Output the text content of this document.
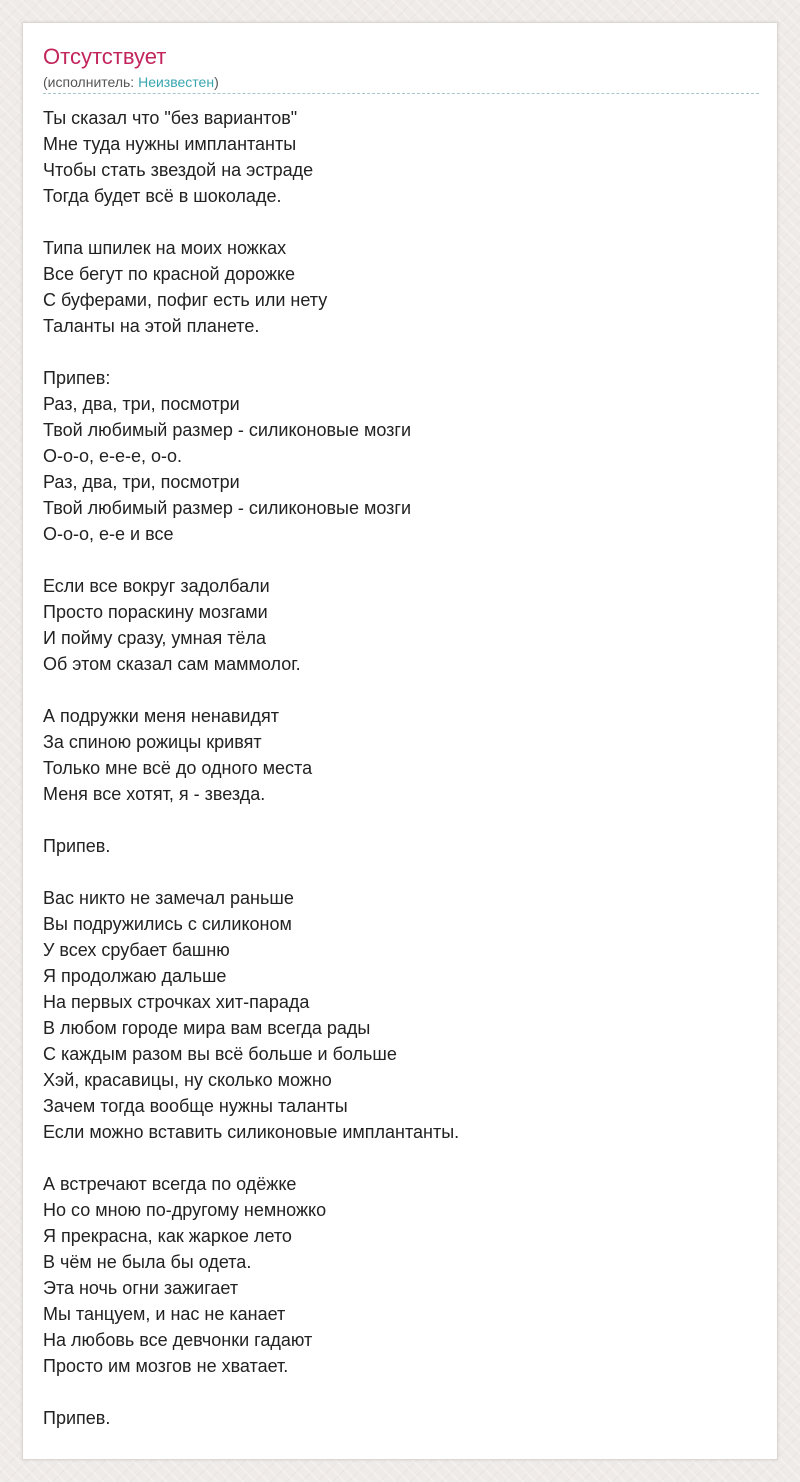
Отсутствует
(исполнитель: Неизвестен)
Ты сказал что "без вариантов"
Мне туда нужны имплантанты
Чтобы стать звездой на эстраде
Тогда будет всё в шоколаде.
Типа шпилек на моих ножках
Все бегут по красной дорожке
С буферами, пофиг есть или нету
Таланты на этой планете.
Припев:
Раз, два, три, посмотри
Твой любимый размер - силиконовые мозги
О-о-о, е-е-е, о-о.
Раз, два, три, посмотри
Твой любимый размер - силиконовые мозги
О-о-о, е-е и все
Если все вокруг задолбали
Просто пораскину мозгами
И пойму сразу, умная тёла
Об этом сказал сам маммолог.
А подружки меня ненавидят
За спиною рожицы кривят
Только мне всё до одного места
Меня все хотят, я - звезда.
Припев.
Вас никто не замечал раньше
Вы подружились с силиконом
У всех срубает башню
Я продолжаю дальше
На первых строчках хит-парада
В любом городе мира вам всегда рады
С каждым разом вы всё больше и больше
Хэй, красавицы, ну сколько можно
Зачем тогда вообще нужны таланты
Если можно вставить силиконовые имплантанты.
А встречают всегда по одёжке
Но со мною по-другому немножко
Я прекрасна, как жаркое лето
В чём не была бы одета.
Эта ночь огни зажигает
Мы танцуем, и нас не канает
На любовь все девчонки гадают
Просто им мозгов не хватает.
Припев.
